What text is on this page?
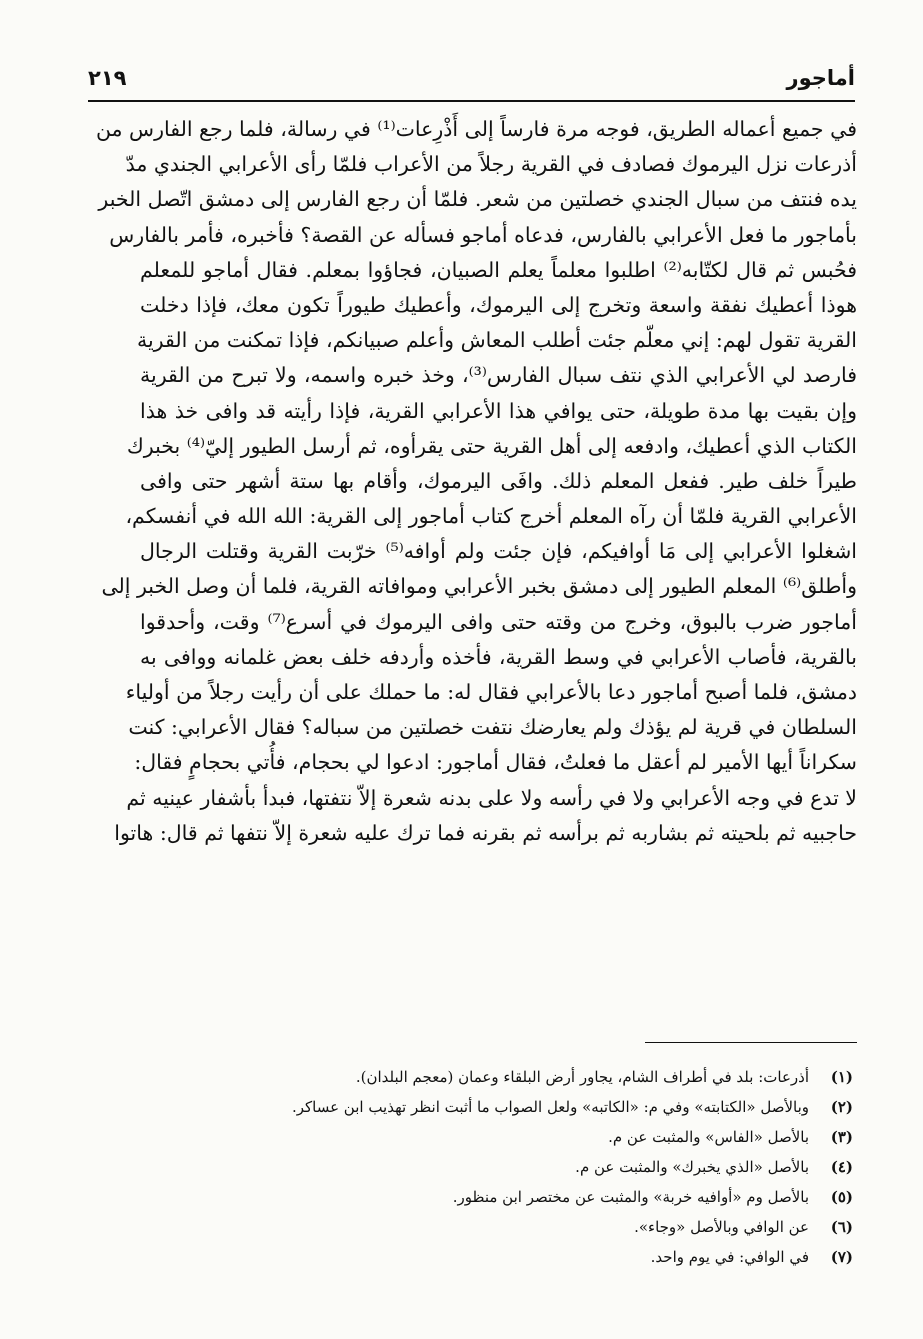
أماجور
٢١٩
في جميع أعماله الطريق، فوجه مرة فارساً إلى أَذْرِعات⁽¹⁾ في رسالة، فلما رجع الفارس من
أذرعات نزل اليرموك فصادف في القرية رجلاً من الأعراب فلمّا رأى الأعرابي الجندي مدّ
يده فنتف من سبال الجندي خصلتين من شعر. فلمّا أن رجع الفارس إلى دمشق اتّصل الخبر
بأماجور ما فعل الأعرابي بالفارس، فدعاه أماجو فسأله عن القصة؟ فأخبره، فأمر بالفارس
فحُبس ثم قال لكتّابه⁽²⁾ اطلبوا معلماً يعلم الصبيان، فجاؤوا بمعلم. فقال أماجو للمعلم
هوذا أعطيك نفقة واسعة وتخرج إلى اليرموك، وأعطيك طيوراً تكون معك، فإذا دخلت
القرية تقول لهم: إني معلّم جئت أطلب المعاش وأعلم صبيانكم، فإذا تمكنت من القرية
فارصد لي الأعرابي الذي نتف سبال الفارس⁽³⁾، وخذ خبره واسمه، ولا تبرح من القرية
وإن بقيت بها مدة طويلة، حتى يوافي هذا الأعرابي القرية، فإذا رأيته قد وافى خذ هذا
الكتاب الذي أعطيك، وادفعه إلى أهل القرية حتى يقرأوه، ثم أرسل الطيور إليّ⁽⁴⁾ بخبرك
طيراً خلف طير. ففعل المعلم ذلك. وافَى اليرموك، وأقام بها ستة أشهر حتى وافى
الأعرابي القرية فلمّا أن رآه المعلم أخرج كتاب أماجور إلى القرية: الله الله في أنفسكم،
اشغلوا الأعرابي إلى مَا أوافيكم، فإن جئت ولم أوافه⁽⁵⁾ خرّبت القرية وقتلت الرجال
وأطلق⁽⁶⁾ المعلم الطيور إلى دمشق بخبر الأعرابي وموافاته القرية، فلما أن وصل الخبر إلى
أماجور ضرب بالبوق، وخرج من وقته حتى وافى اليرموك في أسرع⁽⁷⁾ وقت، وأحدقوا
بالقرية، فأصاب الأعرابي في وسط القرية، فأخذه وأردفه خلف بعض غلمانه ووافى به
دمشق، فلما أصبح أماجور دعا بالأعرابي فقال له: ما حملك على أن رأيت رجلاً من أولياء
السلطان في قرية لم يؤذك ولم يعارضك نتفت خصلتين من سباله؟ فقال الأعرابي: كنت
سكراناً أيها الأمير لم أعقل ما فعلتُ، فقال أماجور: ادعوا لي بحجام، فأُتي بحجامٍ فقال:
لا تدع في وجه الأعرابي ولا في رأسه ولا على بدنه شعرة إلاّ نتفتها، فبدأ بأشفار عينيه ثم
حاجبيه ثم بلحيته ثم بشاربه ثم برأسه ثم بقرنه فما ترك عليه شعرة إلاّ نتفها ثم قال: هاتوا
(١)أذرعات: بلد في أطراف الشام، يجاور أرض البلقاء وعمان (معجم البلدان).
(٢)وبالأصل «الكتابته» وفي م: «الكاتبه» ولعل الصواب ما أثبت انظر تهذيب ابن عساكر.
(٣)بالأصل «الفاس» والمثبت عن م.
(٤)بالأصل «الذي يخبرك» والمثبت عن م.
(٥)بالأصل وم «أوافيه خربة» والمثبت عن مختصر ابن منظور.
(٦)عن الوافي وبالأصل «وجاء».
(٧)في الوافي: في يوم واحد.
